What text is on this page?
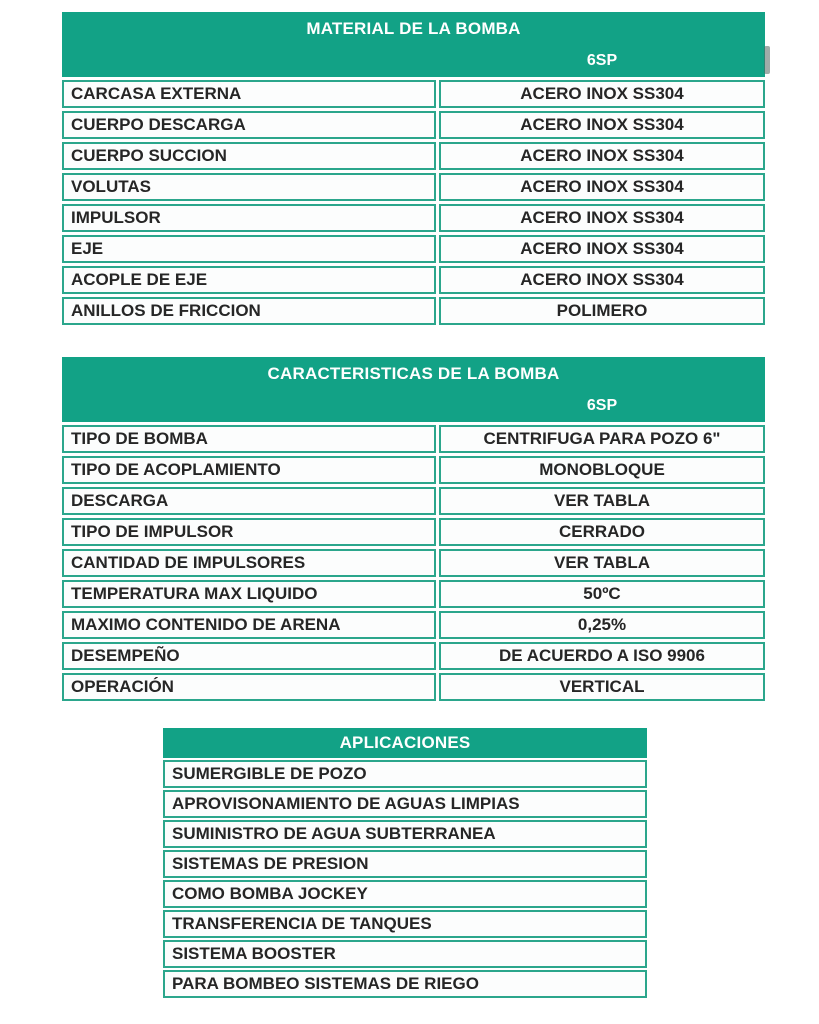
MATERIAL DE LA BOMBA
6SP
CARCASA EXTERNA	ACERO INOX SS304
CUERPO DESCARGA	ACERO INOX SS304
CUERPO SUCCION	ACERO INOX SS304
VOLUTAS	ACERO INOX SS304
IMPULSOR	ACERO INOX SS304
EJE	ACERO INOX SS304
ACOPLE DE EJE	ACERO INOX SS304
ANILLOS DE FRICCION	POLIMERO
CARACTERISTICAS DE LA BOMBA
6SP
TIPO DE BOMBA	CENTRIFUGA PARA POZO 6"
TIPO DE ACOPLAMIENTO	MONOBLOQUE
DESCARGA	VER TABLA
TIPO DE IMPULSOR	CERRADO
CANTIDAD DE IMPULSORES	VER TABLA
TEMPERATURA MAX LIQUIDO	50ºC
MAXIMO CONTENIDO DE ARENA	0,25%
DESEMPEÑO	DE ACUERDO A ISO 9906
OPERACIÓN	VERTICAL
APLICACIONES
SUMERGIBLE DE POZO
APROVISONAMIENTO DE AGUAS LIMPIAS
SUMINISTRO DE AGUA SUBTERRANEA
SISTEMAS DE PRESION
COMO BOMBA JOCKEY
TRANSFERENCIA DE TANQUES
SISTEMA BOOSTER
PARA BOMBEO SISTEMAS DE RIEGO
